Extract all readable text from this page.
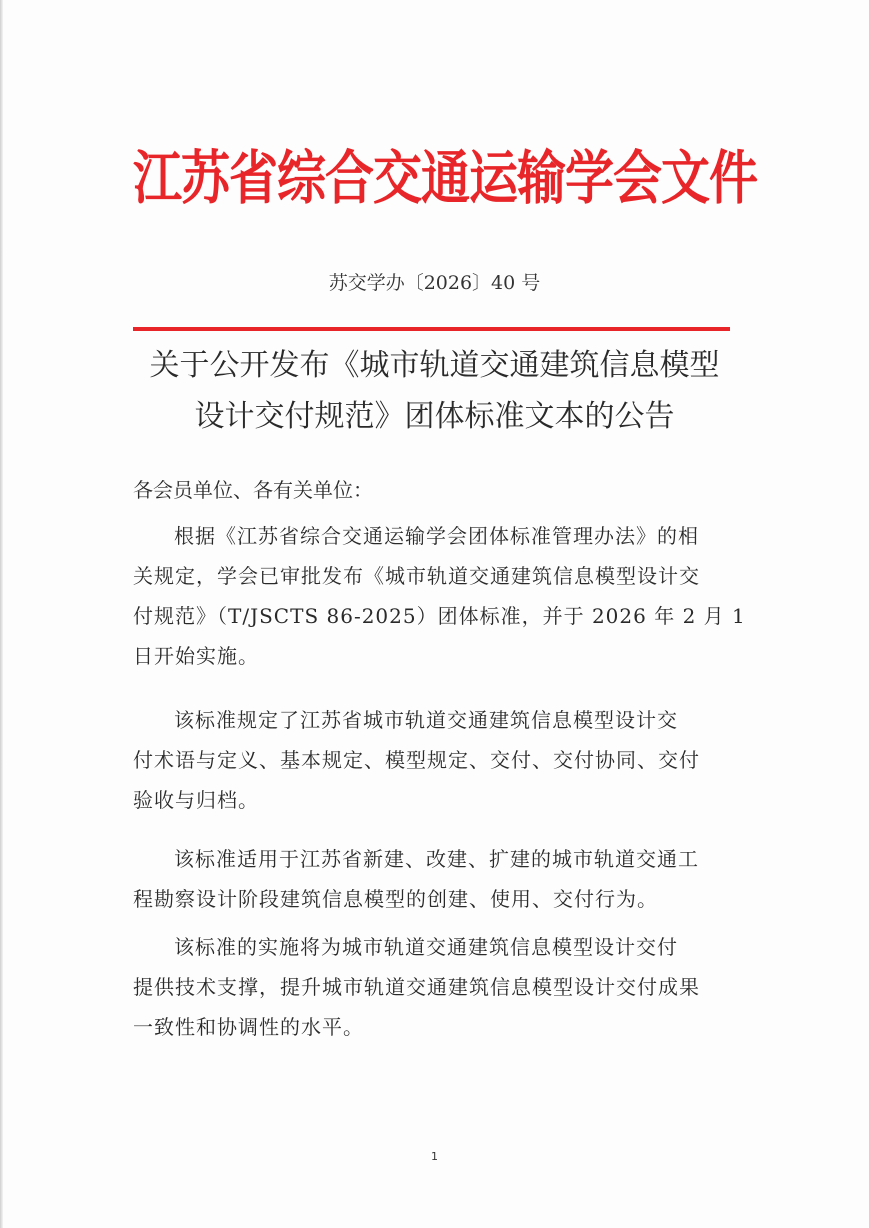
江苏省综合交通运输学会文件
苏交学办〔2026〕40 号
关于公开发布《城市轨道交通建筑信息模型
设计交付规范》团体标准文本的公告
各会员单位、各有关单位：

根据《江苏省综合交通运输学会团体标准管理办法》的相
关规定，学会已审批发布《城市轨道交通建筑信息模型设计交
付规范》（T/JSCTS 86-2025）团体标准，并于 2026 年 2 月 1
日开始实施。

该标准规定了江苏省城市轨道交通建筑信息模型设计交
付术语与定义、基本规定、模型规定、交付、交付协同、交付
验收与归档。

该标准适用于江苏省新建、改建、扩建的城市轨道交通工
程勘察设计阶段建筑信息模型的创建、使用、交付行为。

该标准的实施将为城市轨道交通建筑信息模型设计交付
提供技术支撑，提升城市轨道交通建筑信息模型设计交付成果
一致性和协调性的水平。

1
